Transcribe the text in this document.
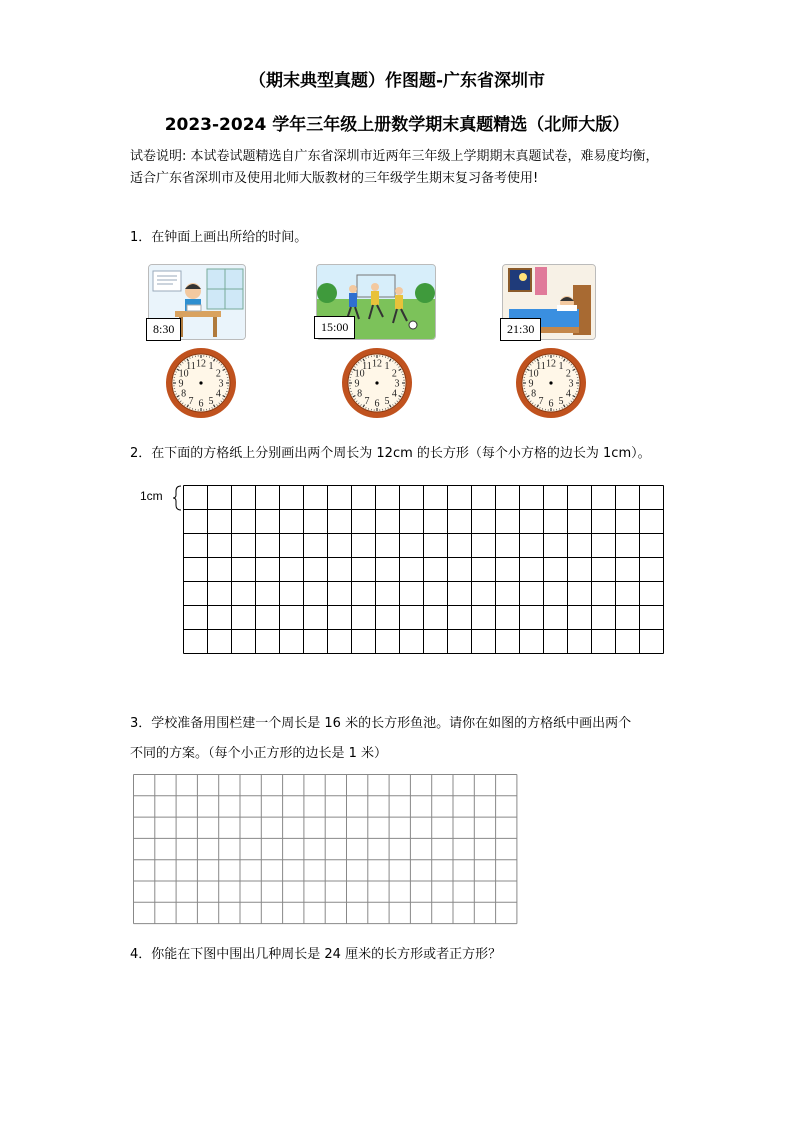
（期末典型真题）作图题-广东省深圳市
2023-2024 学年三年级上册数学期末真题精选（北师大版）
试卷说明: 本试卷试题精选自广东省深圳市近两年三年级上学期期末真题试卷，难易度均衡，适合广东省深圳市及使用北师大版教材的三年级学生期末复习备考使用!
1．在钟面上画出所给的时间。
8:30	15:00	21:30
12 1
2
3
4
5
6
7
8
9
10
11	12 1
2
3
4
5
6
7
8
9
10
11	12 1
2
3
4
5
6
7
8
9
10
11
2．在下面的方格纸上分别画出两个周长为 12cm 的长方形（每个小方格的边长为 1cm）。
1cm
3．学校准备用围栏建一个周长是 16 米的长方形鱼池。请你在如图的方格纸中画出两个
不同的方案。（每个小正方形的边长是 1 米）
4．你能在下图中围出几种周长是 24 厘米的长方形或者正方形？
